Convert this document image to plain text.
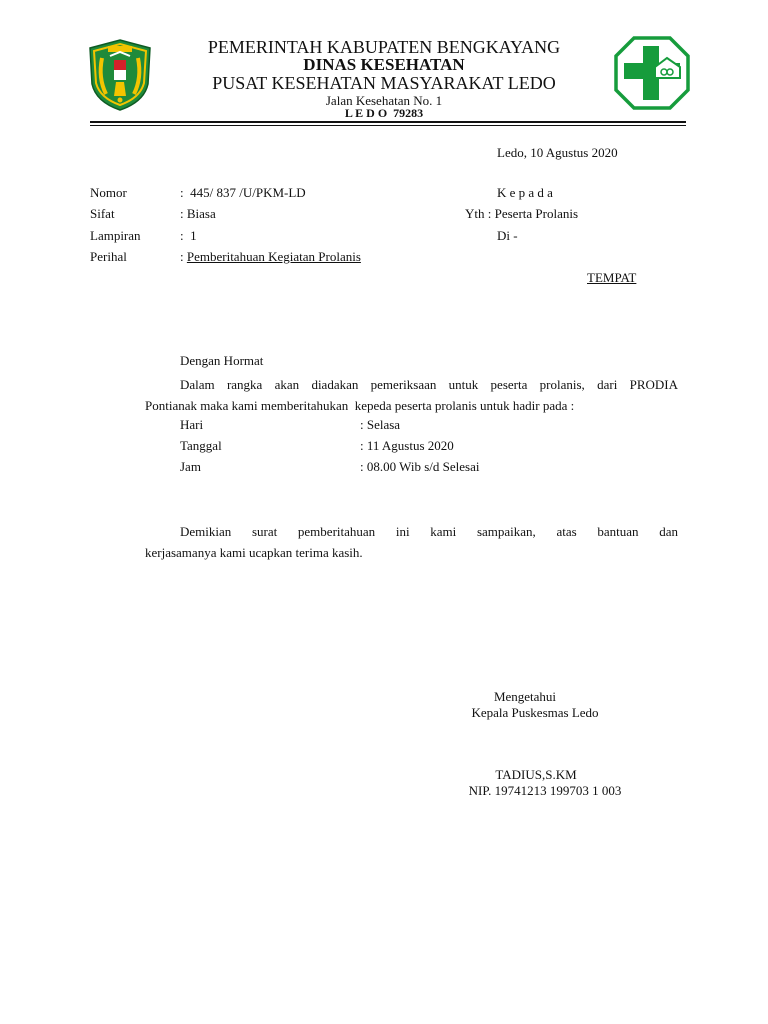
PEMERINTAH KABUPATEN BENGKAYANG
DINAS KESEHATAN
PUSAT KESEHATAN MASYARAKAT LEDO
Jalan Kesehatan No. 1
L E D O  79283
Ledo, 10 Agustus 2020
Nomor	:  445/ 837 /U/PKM-LD
Sifat	: Biasa
Lampiran	:  1
Perihal	: Pemberitahuan Kegiatan Prolanis
K e p a d a
Yth : Peserta Prolanis
Di -
TEMPAT
Dengan Hormat
Dalam rangka akan diadakan pemeriksaan untuk peserta prolanis, dari PRODIA
Pontianak maka kami memberitahukan  kepeda peserta prolanis untuk hadir pada :
Hari	: Selasa
Tanggal	: 11 Agustus 2020
Jam	: 08.00 Wib s/d Selesai
Demikian surat pemberitahuan ini kami sampaikan, atas bantuan dan
kerjasamanya kami ucapkan terima kasih.
Mengetahui
Kepala Puskesmas Ledo
TADIUS,S.KM
NIP. 19741213 199703 1 003
